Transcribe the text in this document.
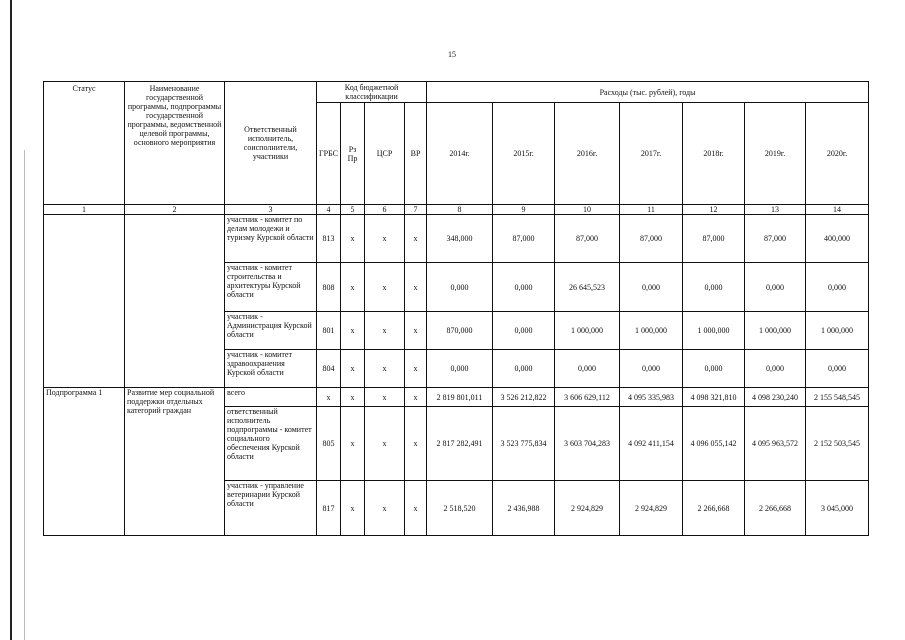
15
Статус	Наименование государственной программы, подпрограммы государственной программы, ведомственной целевой программы, основного мероприятия	Ответственный исполнитель, соисполнители, участники	Код бюджетной классификации				Расходы (тыс. рублей), годы						
			ГРБС	Рз Пр	ЦСР	ВР	2014г.	2015г.	2016г.	2017г.	2018г.	2019г.	2020г.
1	2	3	4	5	6	7	8	9	10	11	12	13	14
		участник - комитет по делам молодежи и туризму Курской области	813	х	х	х	348,000	87,000	87,000	87,000	87,000	87,000	400,000
		участник - комитет строительства и архитектуры Курской области	808	х	х	х	0,000	0,000	26 645,523	0,000	0,000	0,000	0,000
		участник - Администрация Курской области	801	х	х	х	870,000	0,000	1 000,000	1 000,000	1 000,000	1 000,000	1 000,000
		участник - комитет здравоохранения Курской области	804	х	х	х	0,000	0,000	0,000	0,000	0,000	0,000	0,000
Подпрограмма 1	Развитие мер социальной поддержки отдельных категорий граждан	всего	х	х	х	х	2 819 801,011	3 526 212,822	3 606 629,112	4 095 335,983	4 098 321,810	4 098 230,240	2 155 548,545
		ответственный исполнитель подпрограммы - комитет социального обеспечения Курской области	805	х	х	х	2 817 282,491	3 523 775,834	3 603 704,283	4 092 411,154	4 096 055,142	4 095 963,572	2 152 503,545
		участник - управление ветеринарии Курской области	817	х	х	х	2 518,520	2 436,988	2 924,829	2 924,829	2 266,668	2 266,668	3 045,000
